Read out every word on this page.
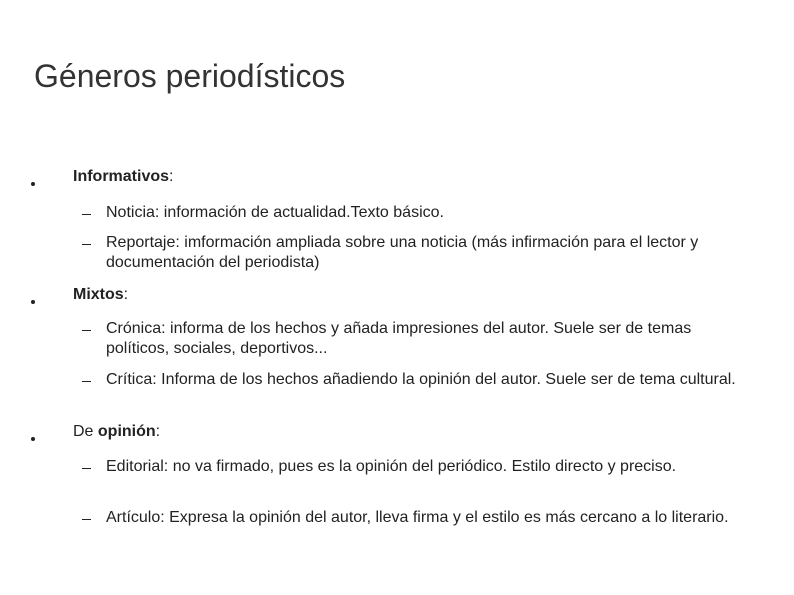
Géneros periodísticos
Informativos:
Noticia: información de actualidad.Texto básico.
Reportaje: imformación ampliada sobre una noticia (más infirmación para el lector y documentación del periodista)
Mixtos:
Crónica: informa de los hechos y añada impresiones del autor. Suele ser de temas políticos, sociales, deportivos...
Crítica: Informa de los hechos añadiendo la opinión del autor. Suele ser de tema cultural.
De opinión:
Editorial: no va firmado, pues es la opinión del periódico. Estilo directo y preciso.
Artículo: Expresa la opinión del autor, lleva firma y el estilo es más cercano a lo literario.
